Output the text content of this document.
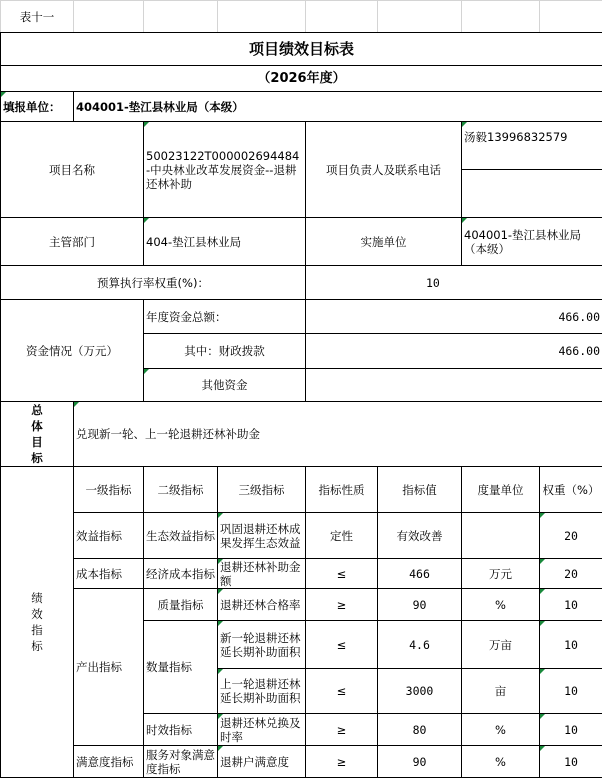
表十一							
项目绩效目标表							
（2026年度）							
填报单位：	404001-垫江县林业局（本级）						
项目名称		50023122T000002694484-中央林业改革发展资金--退耕还林补助		项目负责人及联系电话		汤毅13996832579	

主管部门		404-垫江县林业局		实施单位		404001-垫江县林业局（本级）	
预算执行率权重(%)：				10			
资金情况（万元）		年度资金总额：		466.00			
		其中：财政拨款		466.00			
		其他资金					

总体目标	兑现新一轮、上一轮退耕还林补助金						

绩效指标	一级指标	二级指标	三级指标	指标性质	指标值	度量单位	权重（%）
	效益指标	生态效益指标	巩固退耕还林成果发挥生态效益	定性	有效改善		20
	成本指标	经济成本指标	退耕还林补助金额	≤	466	万元	20
	产出指标	质量指标	退耕还林合格率	≥	90	%	10
		数量指标	新一轮退耕还林延长期补助面积	≤	4.6	万亩	10
			上一轮退耕还林延长期补助面积	≤	3000	亩	10
		时效指标	退耕还林兑换及时率	≥	80	%	10
	满意度指标	服务对象满意度指标	退耕户满意度	≥	90	%	10
